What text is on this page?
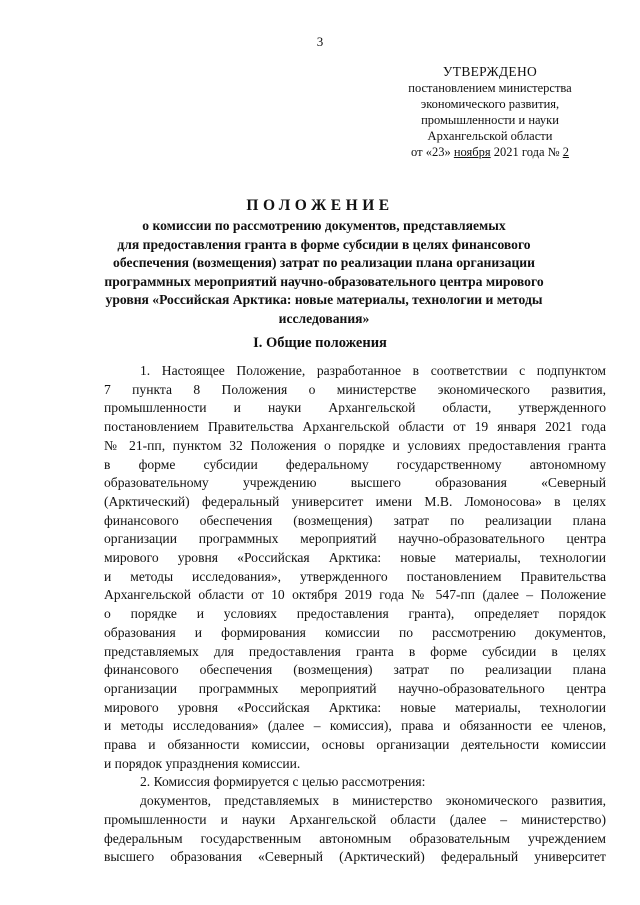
3
УТВЕРЖДЕНО
постановлением министерства
экономического развития,
промышленности и науки
Архангельской области
от «23» ноября 2021 года № 2
ПОЛОЖЕНИЕ
о комиссии по рассмотрению документов, представляемых
для предоставления гранта в форме субсидии в целях финансового
обеспечения (возмещения) затрат по реализации плана организации
программных мероприятий научно-образовательного центра мирового
уровня «Российская Арктика: новые материалы, технологии и методы
исследования»
I. Общие положения
1. Настоящее Положение, разработанное в соответствии с подпунктом
7 пункта 8 Положения о министерстве экономического развития,
промышленности и науки Архангельской области, утвержденного
постановлением Правительства Архангельской области от 19 января 2021 года
№ 21-пп, пунктом 32 Положения о порядке и условиях предоставления гранта
в форме субсидии федеральному государственному автономному
образовательному учреждению высшего образования «Северный
(Арктический) федеральный университет имени М.В. Ломоносова» в целях
финансового обеспечения (возмещения) затрат по реализации плана
организации программных мероприятий научно-образовательного центра
мирового уровня «Российская Арктика: новые материалы, технологии
и методы исследования», утвержденного постановлением Правительства
Архангельской области от 10 октября 2019 года № 547-пп (далее – Положение
о порядке и условиях предоставления гранта), определяет порядок
образования и формирования комиссии по рассмотрению документов,
представляемых для предоставления гранта в форме субсидии в целях
финансового обеспечения (возмещения) затрат по реализации плана
организации программных мероприятий научно-образовательного центра
мирового уровня «Российская Арктика: новые материалы, технологии
и методы исследования» (далее – комиссия), права и обязанности ее членов,
права и обязанности комиссии, основы организации деятельности комиссии
и порядок упразднения комиссии.
2. Комиссия формируется с целью рассмотрения:
документов, представляемых в министерство экономического развития,
промышленности и науки Архангельской области (далее – министерство)
федеральным государственным автономным образовательным учреждением
высшего образования «Северный (Арктический) федеральный университет
